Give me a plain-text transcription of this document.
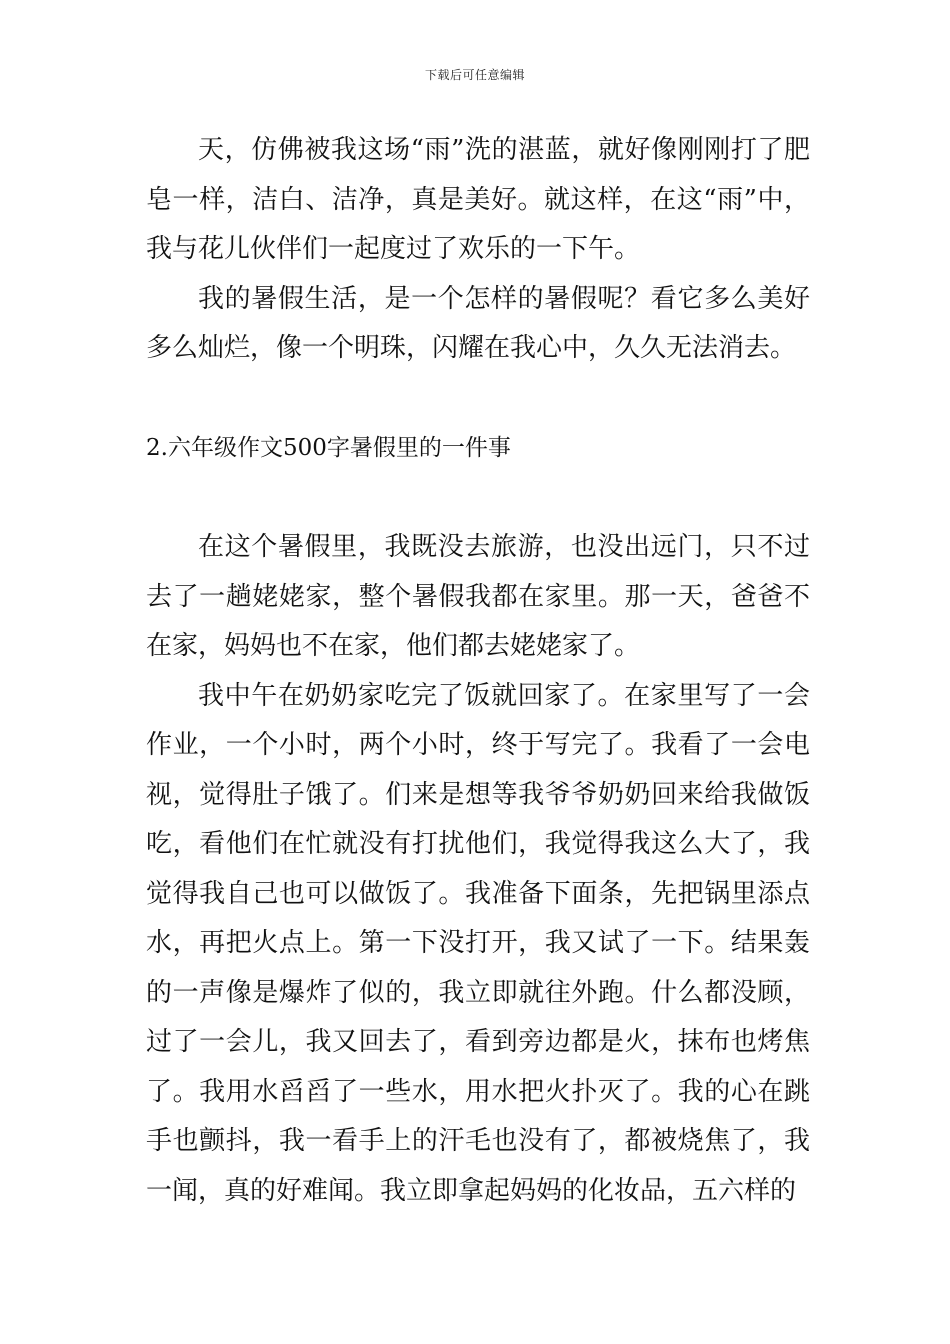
下载后可任意编辑

天，仿佛被我这场“雨”洗的湛蓝，就好像刚刚打了肥皂一样，洁白、洁净，真是美好。就这样，在这“雨”中，我与花儿伙伴们一起度过了欢乐的一下午。

我的暑假生活，是一个怎样的暑假呢？看它多么美好多么灿烂，像一个明珠，闪耀在我心中，久久无法消去。

2.六年级作文500字暑假里的一件事

在这个暑假里，我既没去旅游，也没出远门，只不过去了一趟姥姥家，整个暑假我都在家里。那一天，爸爸不在家，妈妈也不在家，他们都去姥姥家了。

我中午在奶奶家吃完了饭就回家了。在家里写了一会作业，一个小时，两个小时，终于写完了。我看了一会电视，觉得肚子饿了。们来是想等我爷爷奶奶回来给我做饭吃，看他们在忙就没有打扰他们，我觉得我这么大了，我觉得我自己也可以做饭了。我准备下面条，先把锅里添点水，再把火点上。第一下没打开，我又试了一下。结果轰的一声像是爆炸了似的，我立即就往外跑。什么都没顾，过了一会儿，我又回去了，看到旁边都是火，抹布也烤焦了。我用水舀舀了一些水，用水把火扑灭了。我的心在跳手也颤抖，我一看手上的汗毛也没有了，都被烧焦了，我一闻，真的好难闻。我立即拿起妈妈的化妆品，五六样的
